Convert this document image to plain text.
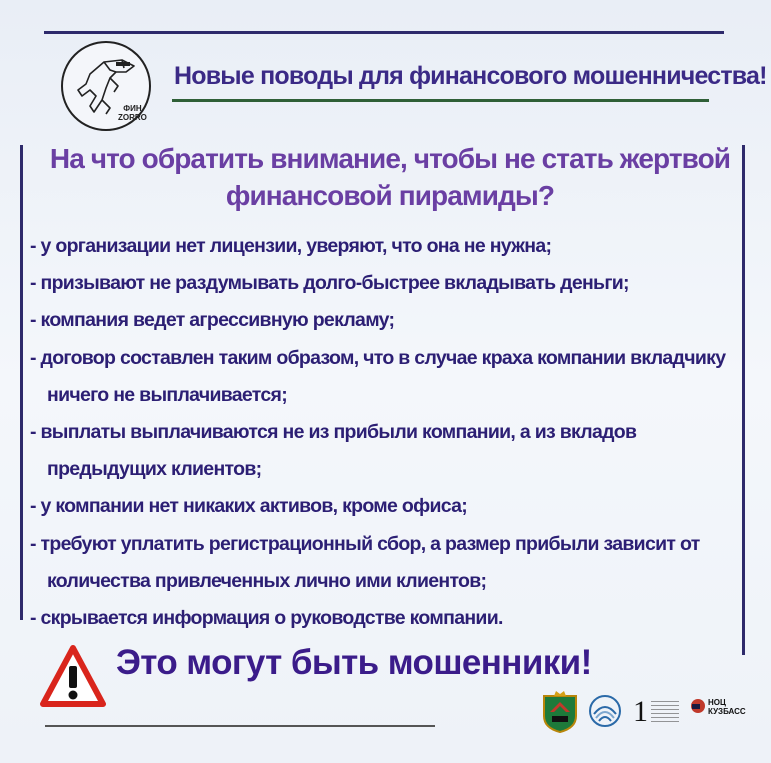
ФИН
ZORRO
Новые поводы для финансового мошенничества!
На что обратить внимание, чтобы не стать жертвой
финансовой пирамиды?
- у организации нет лицензии, уверяют, что она не нужна;
- призывают не раздумывать долго-быстрее вкладывать деньги;
- компания ведет агрессивную рекламу;
- договор составлен таким образом, что в случае краха компании вкладчику
ничего не выплачивается;
- выплаты выплачиваются не из прибыли компании, а из вкладов
предыдущих клиентов;
- у компании нет никаких активов, кроме офиса;
- требуют уплатить регистрационный сбор, а размер прибыли зависит от
количества привлеченных лично ими клиентов;
- скрывается информация о руководстве компании.
Это могут быть мошенники!
1	НОЦ
КУЗБАСС
